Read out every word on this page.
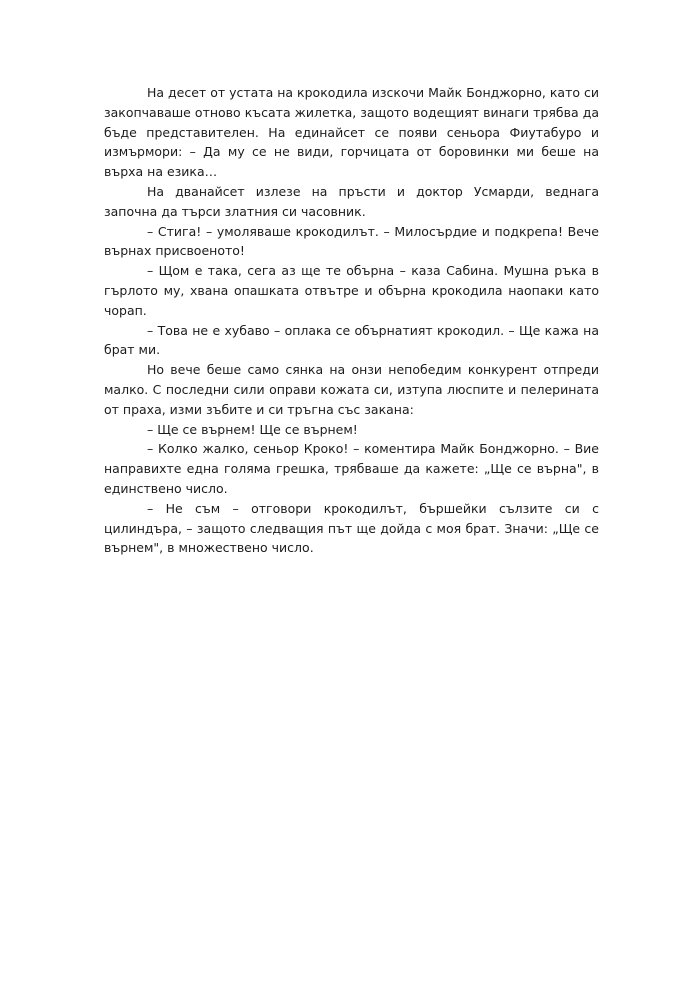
На десет от устата на крокодила изскочи Майк Бонджорно, като си закопчаваше отново късата жилетка, защото водещият винаги трябва да бъде представителен. На единайсет се появи сеньора Фиутабуро и измърмори: – Да му се не види, горчицата от боровинки ми беше на върха на езика…

На дванайсет излезе на пръсти и доктор Усмарди, веднага започна да търси златния си часовник.

– Стига! – умоляваше крокодилът. – Милосърдие и подкрепа! Вече върнах присвоеното!

– Щом е така, сега аз ще те обърна – каза Сабина. Мушна ръка в гърлото му, хвана опашката отвътре и обърна крокодила наопаки като чорап.

– Това не е хубаво – оплака се обърнатият крокодил. – Ще кажа на брат ми.

Но вече беше само сянка на онзи непобедим конкурент отпреди малко. С последни сили оправи кожата си, изтупа люспите и пелерината от праха, изми зъбите и си тръгна със закана:

– Ще се върнем! Ще се върнем!

– Колко жалко, сеньор Кроко! – коментира Майк Бонджорно. – Вие направихте една голяма грешка, трябваше да кажете: „Ще се върна", в единствено число.

– Не съм – отговори крокодилът, бършейки сълзите си с цилиндъра, – защото следващия път ще дойда с моя брат. Значи: „Ще се върнем", в множествено число.
